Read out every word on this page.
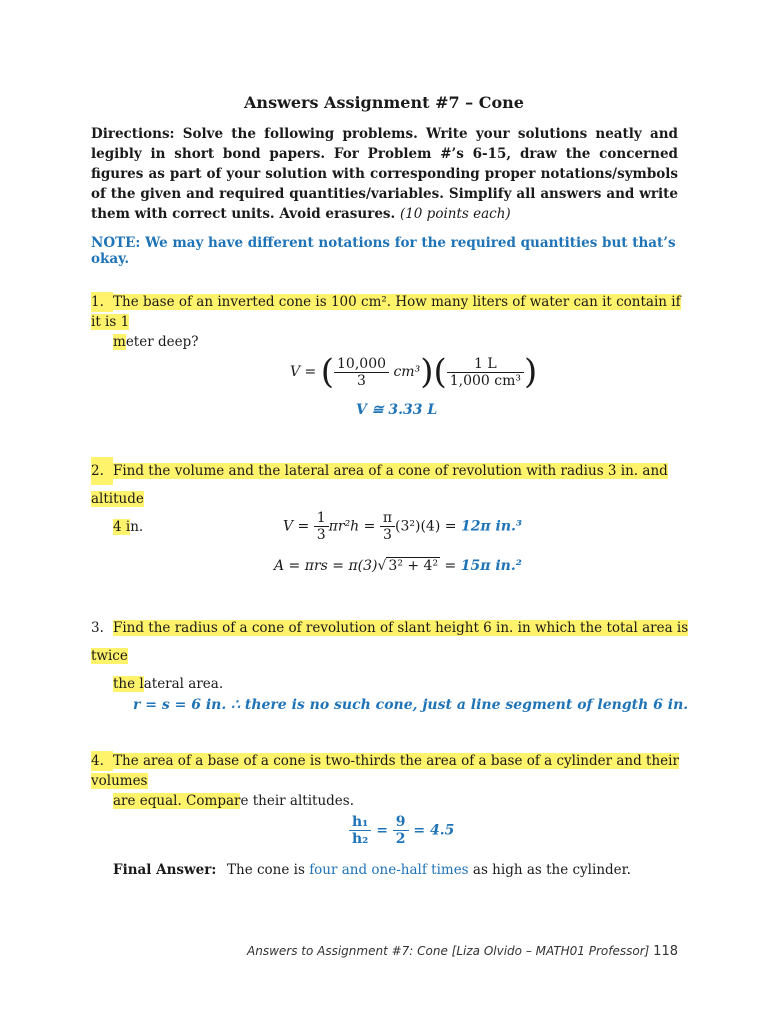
Answers Assignment #7 – Cone
Directions: Solve the following problems. Write your solutions neatly and legibly in short bond papers. For Problem #’s 6-15, draw the concerned figures as part of your solution with corresponding proper notations/symbols of the given and required quantities/variables. Simplify all answers and write them with correct units. Avoid erasures. (10 points each)
NOTE: We may have different notations for the required quantities but that’s okay.
1. The base of an inverted cone is 100 cm². How many liters of water can it contain if it is 1
meter deep?
V = ( $\frac{10,000}{3} cm^3)( \frac{1 L}{\text{1,000 cm³}}$ )
V ≅ 3.33 L
2. Find the volume and the lateral area of a cone of revolution with radius 3 in. and altitude
4 in.	$V = \frac{1}{3} \pi r^2h = \frac{\pi}{3} (3^2)(4) = 12\pi$ in.³
A = πrs = π(3)√ 3² + 4² = 15π in.²
3. Find the radius of a cone of revolution of slant height 6 in. in which the total area is twice
the lateral area.
r = s = 6 in. ∴ there is no such cone, just a line segment of length 6 in.
4. The area of a base of a cone is two-thirds the area of a base of a cylinder and their volumes
are equal. Compare their altitudes.
$\frac{\text{h₁}}{\text{h₂}} = \frac{9}{2} = 4.5$
Final Answer: The cone is four and one-half times as high as the cylinder.
Answers to Assignment #7: Cone [Liza Olvido – MATH01 Professor] 118
